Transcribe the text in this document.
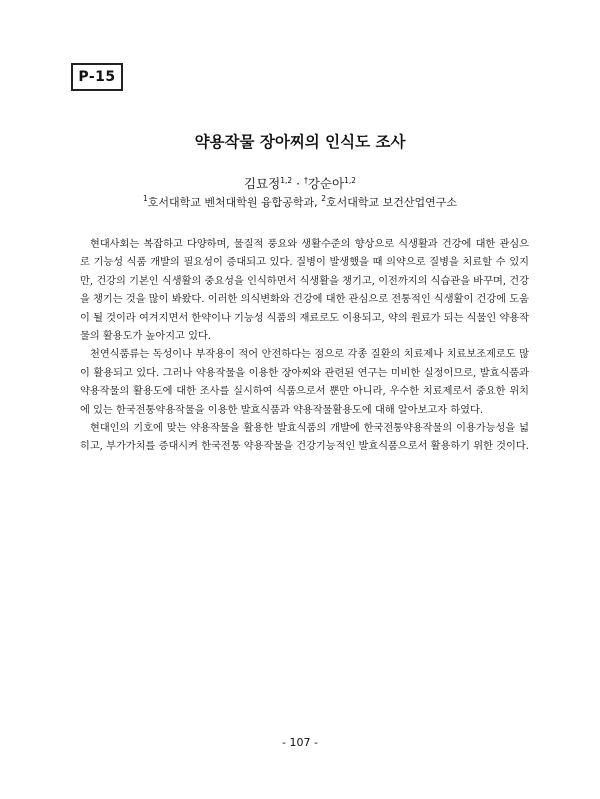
P-15
약용작물 장아찌의 인식도 조사
김묘정$^{1,2}$ · †강순아$^{1,2}$
$^1$호서대학교 벤처대학원 융합공학과, $^2$호서대학교 보건산업연구소

현대사회는 복잡하고 다양하며, 물질적 풍요와 생활수준의 향상으로 식생활과 건강에 대한 관심으로 기능성 식품 개발의 필요성이 증대되고 있다. 질병이 발생했을 때 의약으로 질병을 치료할 수 있지만, 건강의 기본인 식생활의 중요성을 인식하면서 식생활을 챙기고, 이전까지의 식습관을 바꾸며, 건강을 챙기는 것을 많이 봐왔다. 이러한 의식변화와 건강에 대한 관심으로 전통적인 식생활이 건강에 도움이 될 것이라 여겨지면서 한약이나 기능성 식품의 재료로도 이용되고, 약의 원료가 되는 식물인 약용작물의 활용도가 높아지고 있다.

천연식품류는 독성이나 부작용이 적어 안전하다는 점으로 각종 질환의 치료제나 치료보조제로도 많이 활용되고 있다. 그러나 약용작물을 이용한 장아찌와 관련된 연구는 미비한 실정이므로, 발효식품과 약용작물의 활용도에 대한 조사를 실시하여 식품으로서 뿐만 아니라, 우수한 치료제로서 중요한 위치에 있는 한국전통약용작물을 이용한 발효식품과 약용작물활용도에 대해 알아보고자 하였다.

현대인의 기호에 맞는 약용작물을 활용한 발효식품의 개발에 한국전통약용작물의 이용가능성을 넓히고, 부가가치를 증대시켜 한국전통 약용작물을 건강기능적인 발효식품으로서 활용하기 위한 것이다.

- 107 -
